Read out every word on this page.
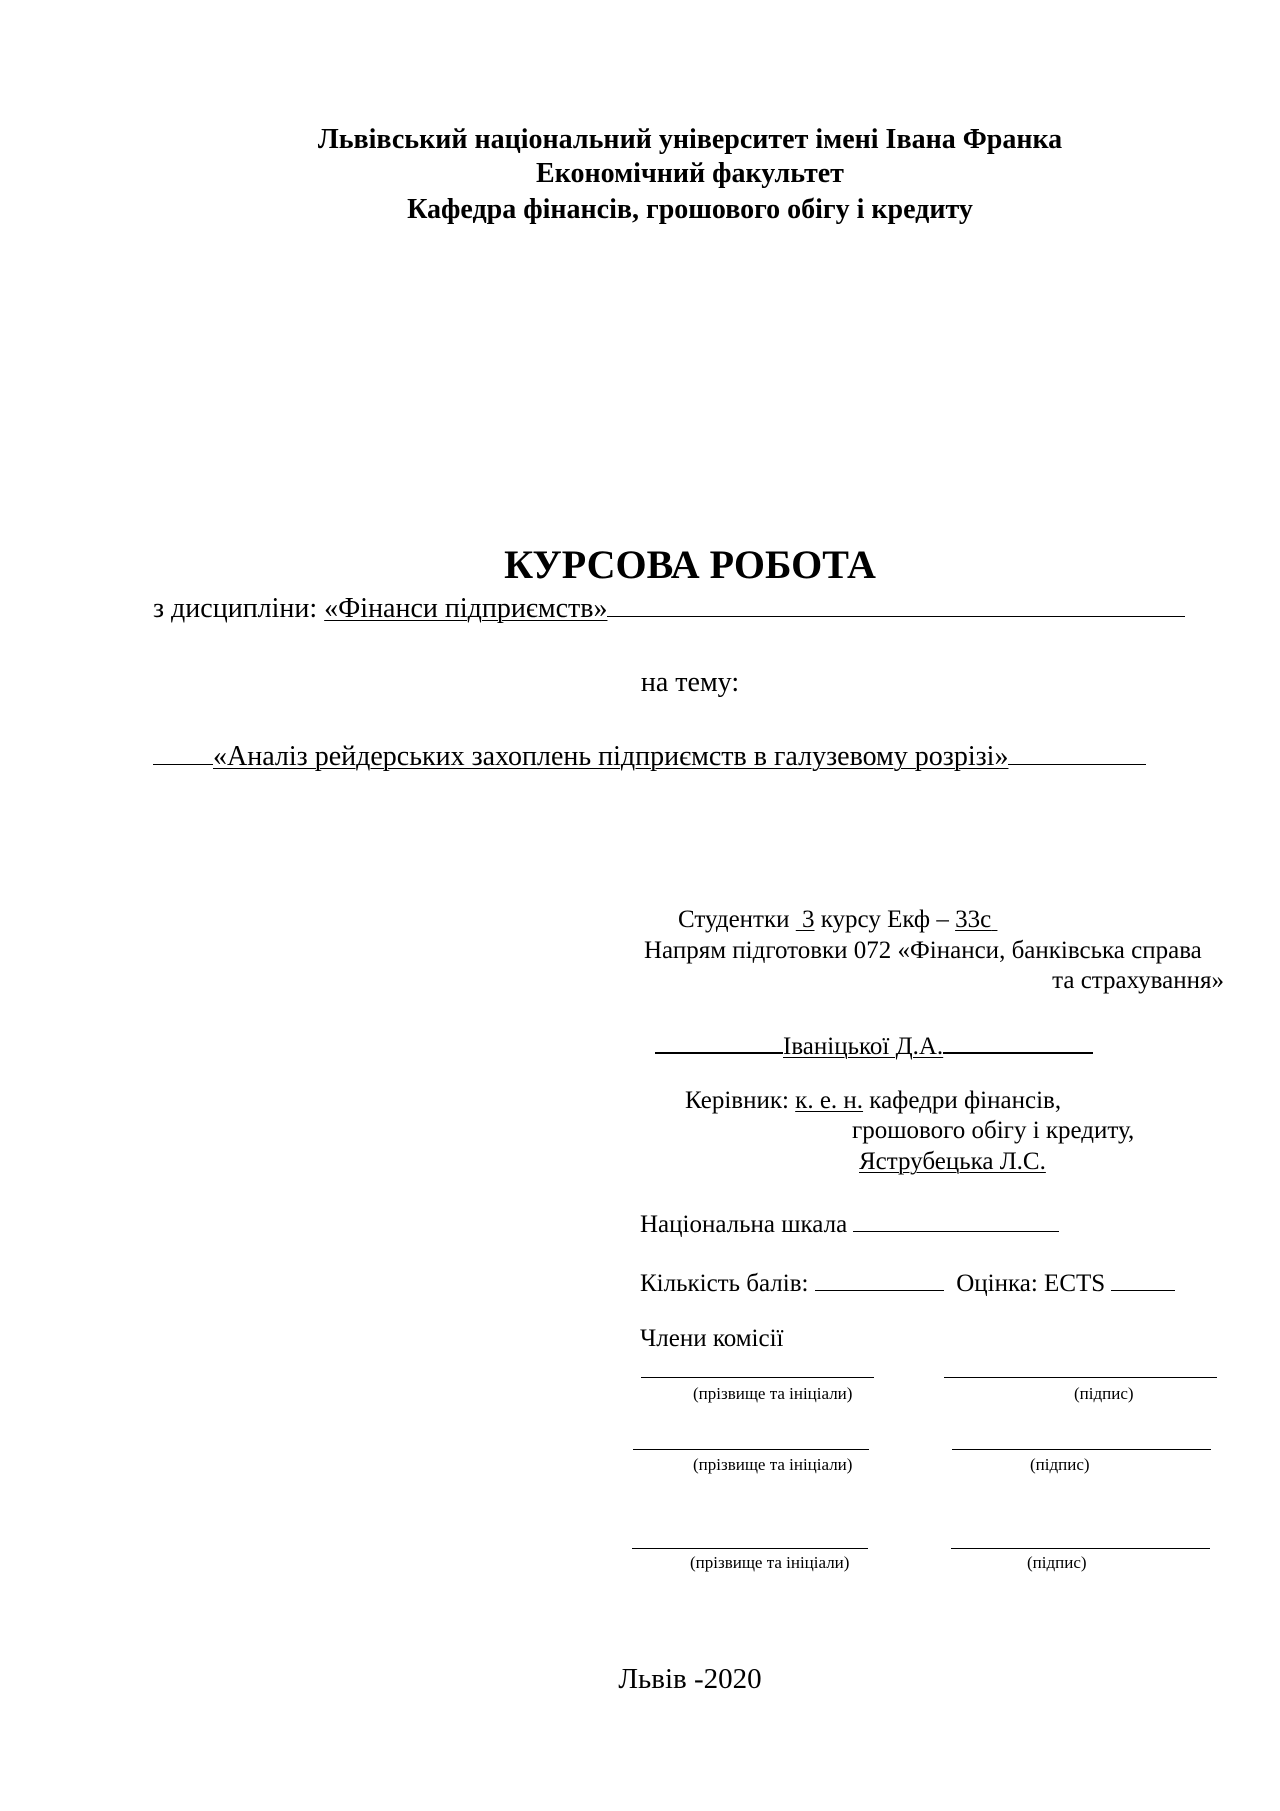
Львівський національний університет імені Івана Франка
Економічний факультет
Кафедра фінансів, грошового обігу і кредиту
КУРСОВА РОБОТА
з дисципліни: «Фінанси підприємств»
на тему:
«Аналіз рейдерських захоплень підприємств в галузевому розрізі»
Студентки 3 курсу Екф – 33с
Напрям підготовки 072 «Фінанси, банківська справа
та страхування»
Іваніцької Д.А.
Керівник: к. е. н. кафедри фінансів,
грошового обігу і кредиту,
Яструбецька Л.С.
Національна шкала
Кількість балів:	Оцінка: ECTS
Члени комісії
(прізвище та ініціали)	(підпис)
(прізвище та ініціали)	(підпис)
(прізвище та ініціали)	(підпис)
Львів -2020
